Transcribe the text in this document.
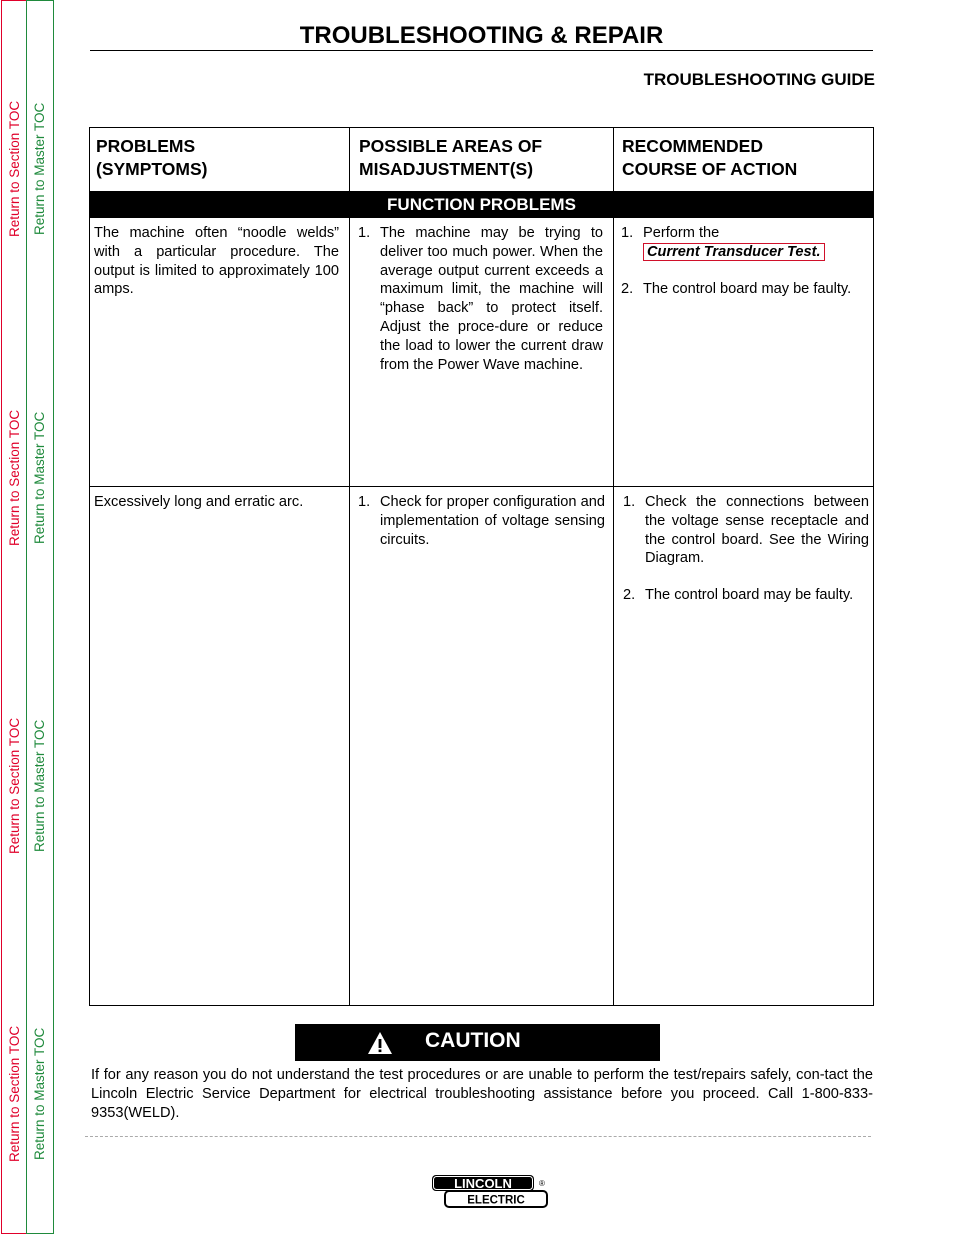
Return to Section TOC
Return to Section TOC
Return to Section TOC
Return to Section TOC
Return to Master TOC
Return to Master TOC
Return to Master TOC
Return to Master TOC
TROUBLESHOOTING & REPAIR
TROUBLESHOOTING GUIDE
PROBLEMS
(SYMPTOMS)
POSSIBLE AREAS OF
MISADJUSTMENT(S)
RECOMMENDED
COURSE OF ACTION
FUNCTION PROBLEMS
The machine often “noodle welds” with a particular procedure. The output is limited to approximately 100 amps.
1. The machine may be trying to deliver too much power. When the average output current exceeds a maximum limit, the machine will “phase back” to protect itself. Adjust the proce-dure or reduce the load to lower the current draw from the Power Wave machine.
1. Perform the  Current Transducer Test.
2. The control board may be faulty.
Excessively long and erratic arc.	1. Check for proper configuration and implementation of voltage sensing circuits.
1. Check the connections between the voltage sense receptacle and the control board. See the Wiring Diagram.
2. The control board may be faulty.
CAUTION
If for any reason you do not understand the test procedures or are unable to perform the test/repairs safely, con-tact the Lincoln Electric Service Department for electrical troubleshooting assistance before you proceed. Call 1-800-833-9353(WELD).
LINCOLN
ELECTRIC
®
